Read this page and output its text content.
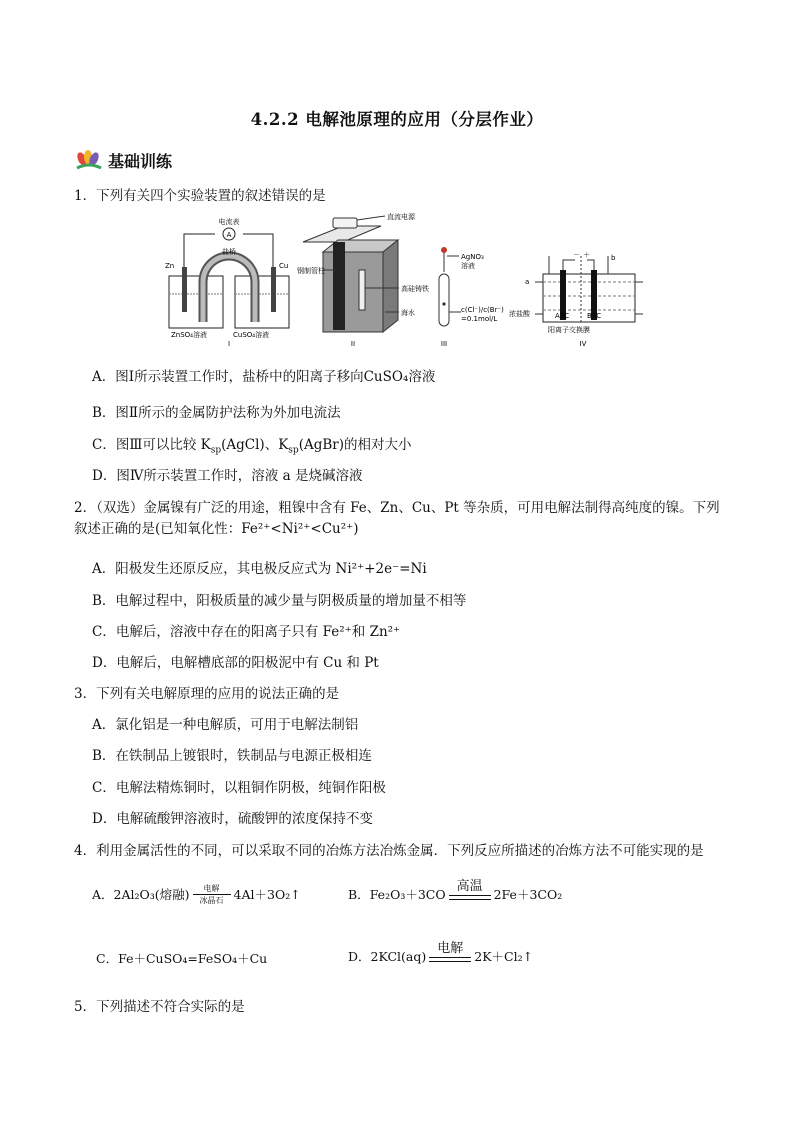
4.2.2 电解池原理的应用（分层作业）
基础训练
1．下列有关四个实验装置的叙述错误的是
A
电流表
盐桥
Zn	Cu
ZnSO₄溶液	CuSO₄溶液
I
直流电源
钢制管柱
高硅铸铁
海水
II
AgNO₃
溶液
c(Cl⁻)/c(Br⁻)
=0.1mol/L
III
－ ＋
a
b
浓盐酸	A3C	B3C
阳离子交换膜
IV
A．图Ⅰ所示装置工作时，盐桥中的阳离子移向CuSO₄溶液
B．图Ⅱ所示的金属防护法称为外加电流法
C．图Ⅲ可以比较 $K_{sp}(AgCl)$、$K_{sp}(AgBr)$的相对大小
D．图Ⅳ所示装置工作时，溶液 a 是烧碱溶液
2．（双选）金属镍有广泛的用途，粗镍中含有 Fe、Zn、Cu、Pt 等杂质，可用电解法制得高纯度的镍。下列叙述正确的是(已知氧化性：Fe²⁺<Ni²⁺<Cu²⁺)
A．阳极发生还原反应，其电极反应式为 Ni²⁺+2e⁻=Ni
B．电解过程中，阳极质量的减少量与阴极质量的增加量不相等
C．电解后，溶液中存在的阳离子只有 Fe²⁺和 Zn²⁺
D．电解后，电解槽底部的阳极泥中有 Cu 和 Pt
3．下列有关电解原理的应用的说法正确的是
A．氯化铝是一种电解质，可用于电解法制铝
B．在铁制品上镀银时，铁制品与电源正极相连
C．电解法精炼铜时，以粗铜作阴极，纯铜作阳极
D．电解硫酸钾溶液时，硫酸钾的浓度保持不变
4．利用金属活性的不同，可以采取不同的冶炼方法冶炼金属．下列反应所描述的冶炼方法不可能实现的是
A． 2Al₂O₃(熔融) 电解
冰晶石 4Al＋3O₂↑	B． Fe₂O₃＋3CO
高温
2Fe＋3CO₂
C． Fe＋CuSO₄=FeSO₄＋Cu	D． 2KCl(aq)
电解
2K＋Cl₂↑
5．下列描述不符合实际的是
